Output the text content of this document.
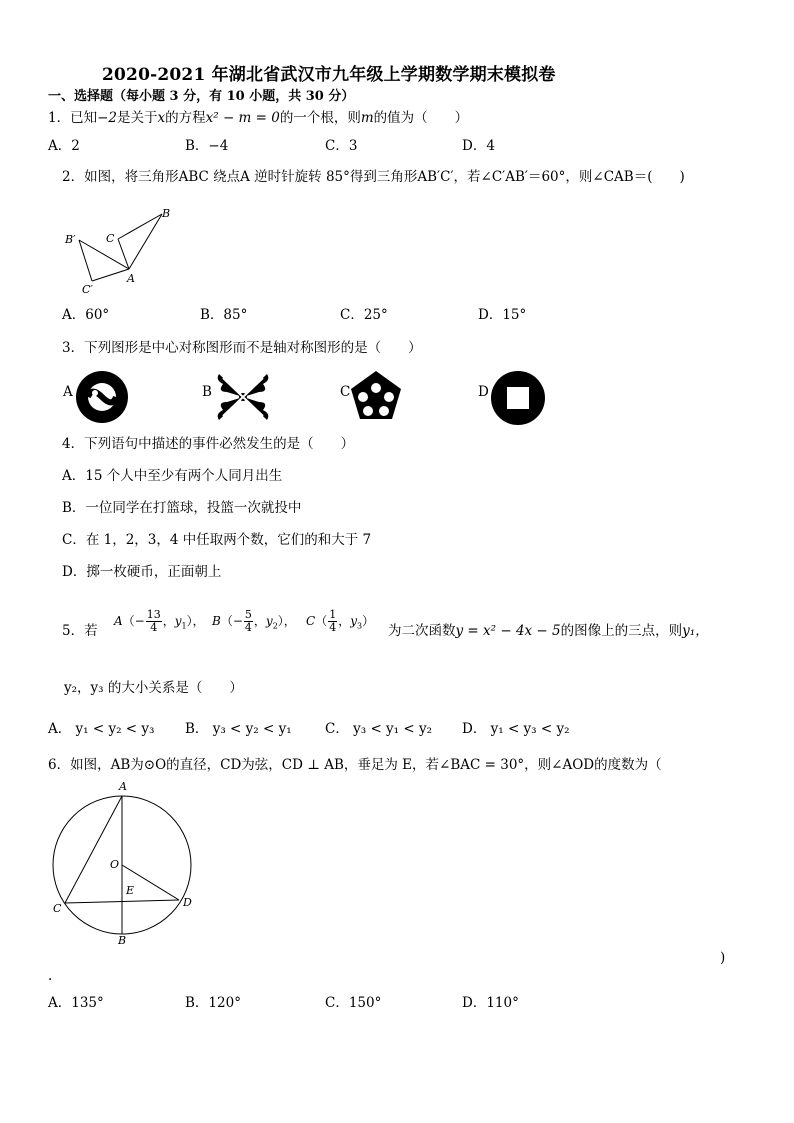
2020-2021 年湖北省武汉市九年级上学期数学期末模拟卷
一、选择题（每小题 3 分，有 10 小题，共 30 分）
1．已知−2是关于x的方程x² − m = 0的一个根，则m的值为（　　）
A．2	B．−4	C．3	D．4
2．如图，将三角形ABC 绕点A 逆时针旋转 85°得到三角形AB′C′，若∠C′AB′＝60°，则∠CAB＝(　　)
B
B′	C
A
C′
A．60°	B．85°	C．25°	D．15°
3．下列图形是中心对称图形而不是轴对称图形的是（　　）
A	B	C	D
4．下列语句中描述的事件必然发生的是（　　）
A．15 个人中至少有两个人同月出生
B．一位同学在打篮球，投篮一次就投中
C．在 1，2，3，4 中任取两个数，它们的和大于 7
D．掷一枚硬币，正面朝上
5．若
$A(- \frac{13}{4}$ ，$y_1$）， $B(- \frac{5}{4}$ ，$y_2$）， $C( \frac{1}{4}$ ，$y_3$）
为二次函数y = x² − 4x − 5的图像上的三点，则y₁，
y₂，y₃ 的大小关系是（　　）
A． y₁ < y₂ < y₃ B． y₃ < y₂ < y₁ C． y₃ < y₁ < y₂ D． y₁ < y₃ < y₂
6．如图，AB为⊙O的直径，CD为弦，CD ⊥ AB，垂足为 E，若∠BAC = 30°，则∠AOD的度数为（
A
O
E
C	D
B
)
.
A．135°	B．120°	C．150°	D．110°
